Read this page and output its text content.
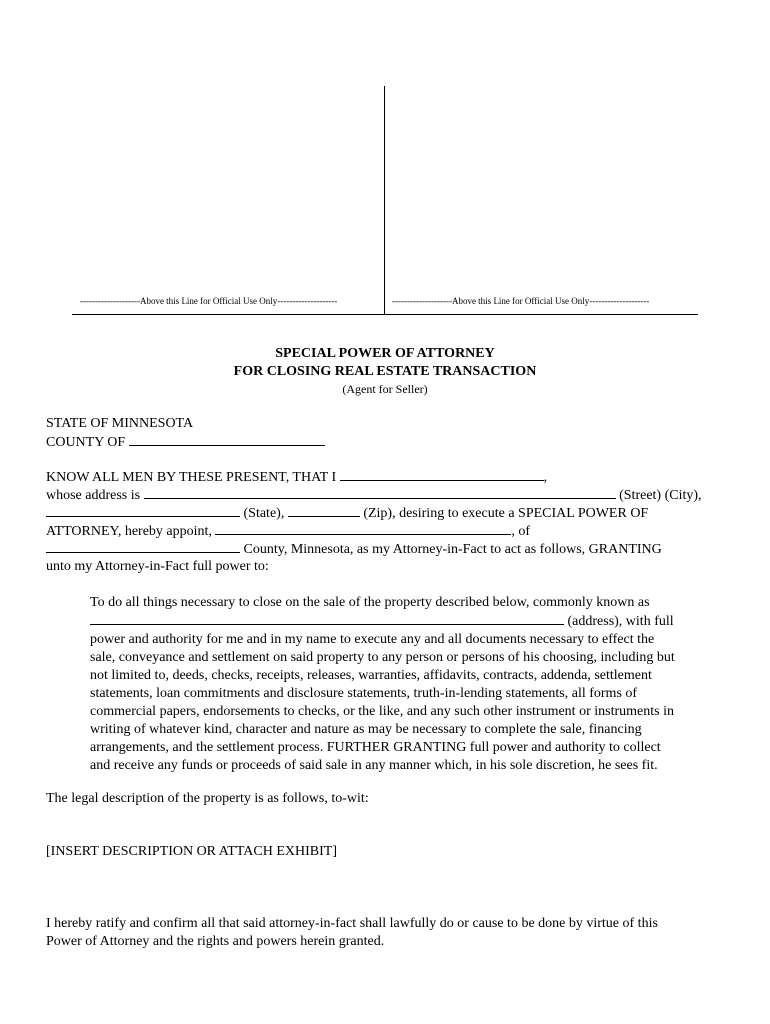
--------------------Above this Line for Official Use Only--------------------	--------------------Above this Line for Official Use Only--------------------
SPECIAL POWER OF ATTORNEY
FOR CLOSING REAL ESTATE TRANSACTION
(Agent for Seller)
STATE OF MINNESOTA
COUNTY OF
KNOW ALL MEN BY THESE PRESENT, THAT I	,
whose address is	(Street) (City),
(State),	(Zip), desiring to execute a SPECIAL POWER OF
ATTORNEY, hereby appoint,	, of
County, Minnesota, as my Attorney-in-Fact to act as follows, GRANTING
unto my Attorney-in-Fact full power to:
To do all things necessary to close on the sale of the property described below, commonly known as
(address), with full
power and authority for me and in my name to execute any and all documents necessary to effect the
sale, conveyance and settlement on said property to any person or persons of his choosing, including but
not limited to, deeds, checks, receipts, releases, warranties, affidavits, contracts, addenda, settlement
statements, loan commitments and disclosure statements, truth-in-lending statements, all forms of
commercial papers, endorsements to checks, or the like, and any such other instrument or instruments in
writing of whatever kind, character and nature as may be necessary to complete the sale, financing
arrangements, and the settlement process. FURTHER GRANTING full power and authority to collect
and receive any funds or proceeds of said sale in any manner which, in his sole discretion, he sees fit.
The legal description of the property is as follows, to-wit:
[INSERT DESCRIPTION OR ATTACH EXHIBIT]
I hereby ratify and confirm all that said attorney-in-fact shall lawfully do or cause to be done by virtue of this
Power of Attorney and the rights and powers herein granted.
